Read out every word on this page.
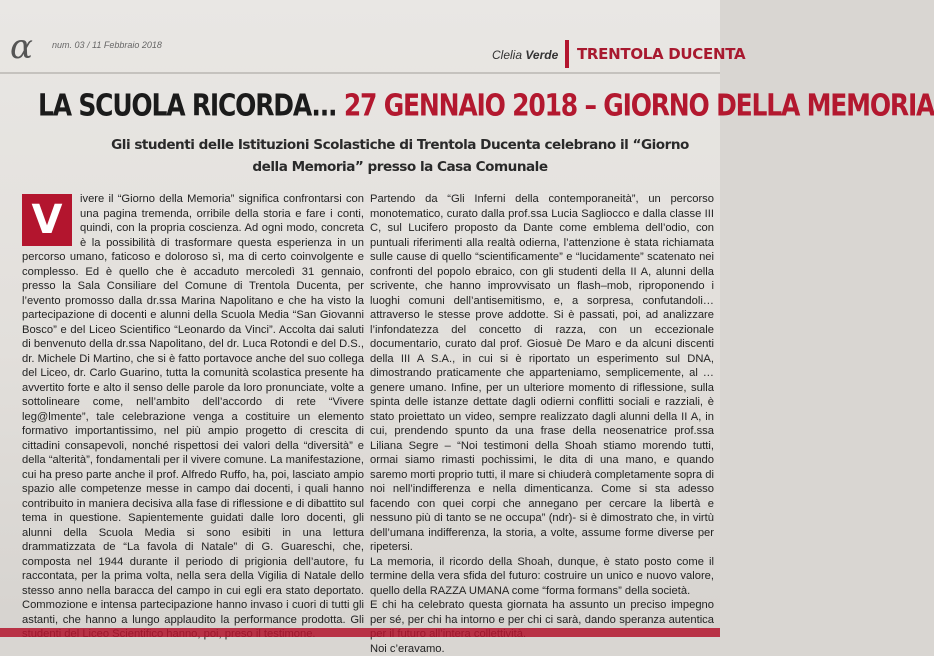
α num. 03 / 11 Febbraio 2018
Clelia Verde	TRENTOLA DUCENTA
LA SCUOLA RICORDA... 27 GENNAIO 2018 – GIORNO DELLA MEMORIA
Gli studenti delle Istituzioni Scolastiche di Trentola Ducenta celebrano il “Giorno della Memoria” presso la Casa Comunale
V	ivere il “Giorno della Memoria” significa confrontarsi con una pagina tremenda, orribile della storia e fare i conti, quindi, con la propria coscienza. Ad ogni modo, concreta è la possibilità di trasformare questa esperienza in un percorso umano, faticoso e doloroso sì, ma di certo coinvolgente e complesso. Ed è quello che è accaduto mercoledì 31 gennaio, presso la Sala Consiliare del Comune di Trentola Ducenta, per l’evento promosso dalla dr.ssa Marina Napolitano e che ha visto la partecipazione di docenti e alunni della Scuola Media “San Giovanni Bosco” e del Liceo Scientifico “Leonardo da Vinci”. Accolta dai saluti di benvenuto della dr.ssa Napolitano, del dr. Luca Rotondi e del D.S., dr. Michele Di Martino, che si è fatto portavoce anche del suo collega del Liceo, dr. Carlo Guarino, tutta la comunità scolastica presente ha avvertito forte e alto il senso delle parole da loro pronunciate, volte a sottolineare come, nell’ambito dell’accordo di rete “Vivere leg@lmente”, tale celebrazione venga a costituire un elemento formativo importantissimo, nel più ampio progetto di crescita di cittadini consapevoli, nonché rispettosi dei valori della “diversità” e della “alterità”, fondamentali per il vivere comune. La manifestazione, cui ha preso parte anche il prof. Alfredo Ruffo, ha, poi, lasciato ampio spazio alle competenze messe in campo dai docenti, i quali hanno contribuito in maniera decisiva alla fase di riflessione e di dibattito sul tema in questione. Sapientemente guidati dalle loro docenti, gli alunni della Scuola Media si sono esibiti in una lettura drammatizzata de “La favola di Natale” di G. Guareschi, che, composta nel 1944 durante il periodo di prigionia dell’autore, fu raccontata, per la prima volta, nella sera della Vigilia di Natale dello stesso anno nella baracca del campo in cui egli era stato deportato. Commozione e intensa partecipazione hanno invaso i cuori di tutti gli astanti, che hanno a lungo applaudito la performance prodotta. Gli

Partendo da “Gli Inferni della contemporaneità”, un percorso monotematico, curato dalla prof.ssa Lucia Sagliocco e dalla classe III C, sul Lucifero proposto da Dante come emblema dell’odio, con puntuali riferimenti alla realtà odierna, l’attenzione è stata richiamata sulle cause di quello “scientificamente” e “lucidamente” scatenato nei confronti del popolo ebraico, con gli studenti della II A, alunni della scrivente, che hanno improvvisato un flash–mob, riproponendo i luoghi comuni dell’antisemitismo, e, a sorpresa, confutandoli… attraverso le stesse prove addotte. Si è passati, poi, ad analizzare l’infondatezza del concetto di razza, con un eccezionale documentario, curato dal prof. Giosuè De Maro e da alcuni discenti della III A S.A., in cui si è riportato un esperimento sul DNA, dimostrando praticamente che apparteniamo, semplicemente, al … genere umano. Infine, per un ulteriore momento di riflessione, sulla spinta delle istanze dettate dagli odierni conflitti sociali e razziali, è stato proiettato un video, sempre realizzato dagli alunni della II A, in cui, prendendo spunto da una frase della neosenatrice prof.ssa Liliana Segre – “Noi testimoni della Shoah stiamo morendo tutti, ormai siamo rimasti pochissimi, le dita di una mano, e quando saremo morti proprio tutti, il mare si chiuderà completamente sopra di noi nell’indifferenza e nella dimenticanza. Come si sta adesso facendo con quei corpi che annegano per cercare la libertà e nessuno più di tanto se ne occupa” (ndr)- si è dimostrato che, in virtù dell’umana indifferenza, la storia, a volte, assume forme diverse per ripetersi.

La memoria, il ricordo della Shoah, dunque, è stato posto come il termine della vera sfida del futuro: costruire un unico e nuovo valore, quello della RAZZA UMANA come “forma formans” della società.

E chi ha celebrato questa giornata ha assunto un preciso impegno per sé, per chi ha intorno e per chi ci sarà, dando speranza autentica

Noi c’eravamo.
